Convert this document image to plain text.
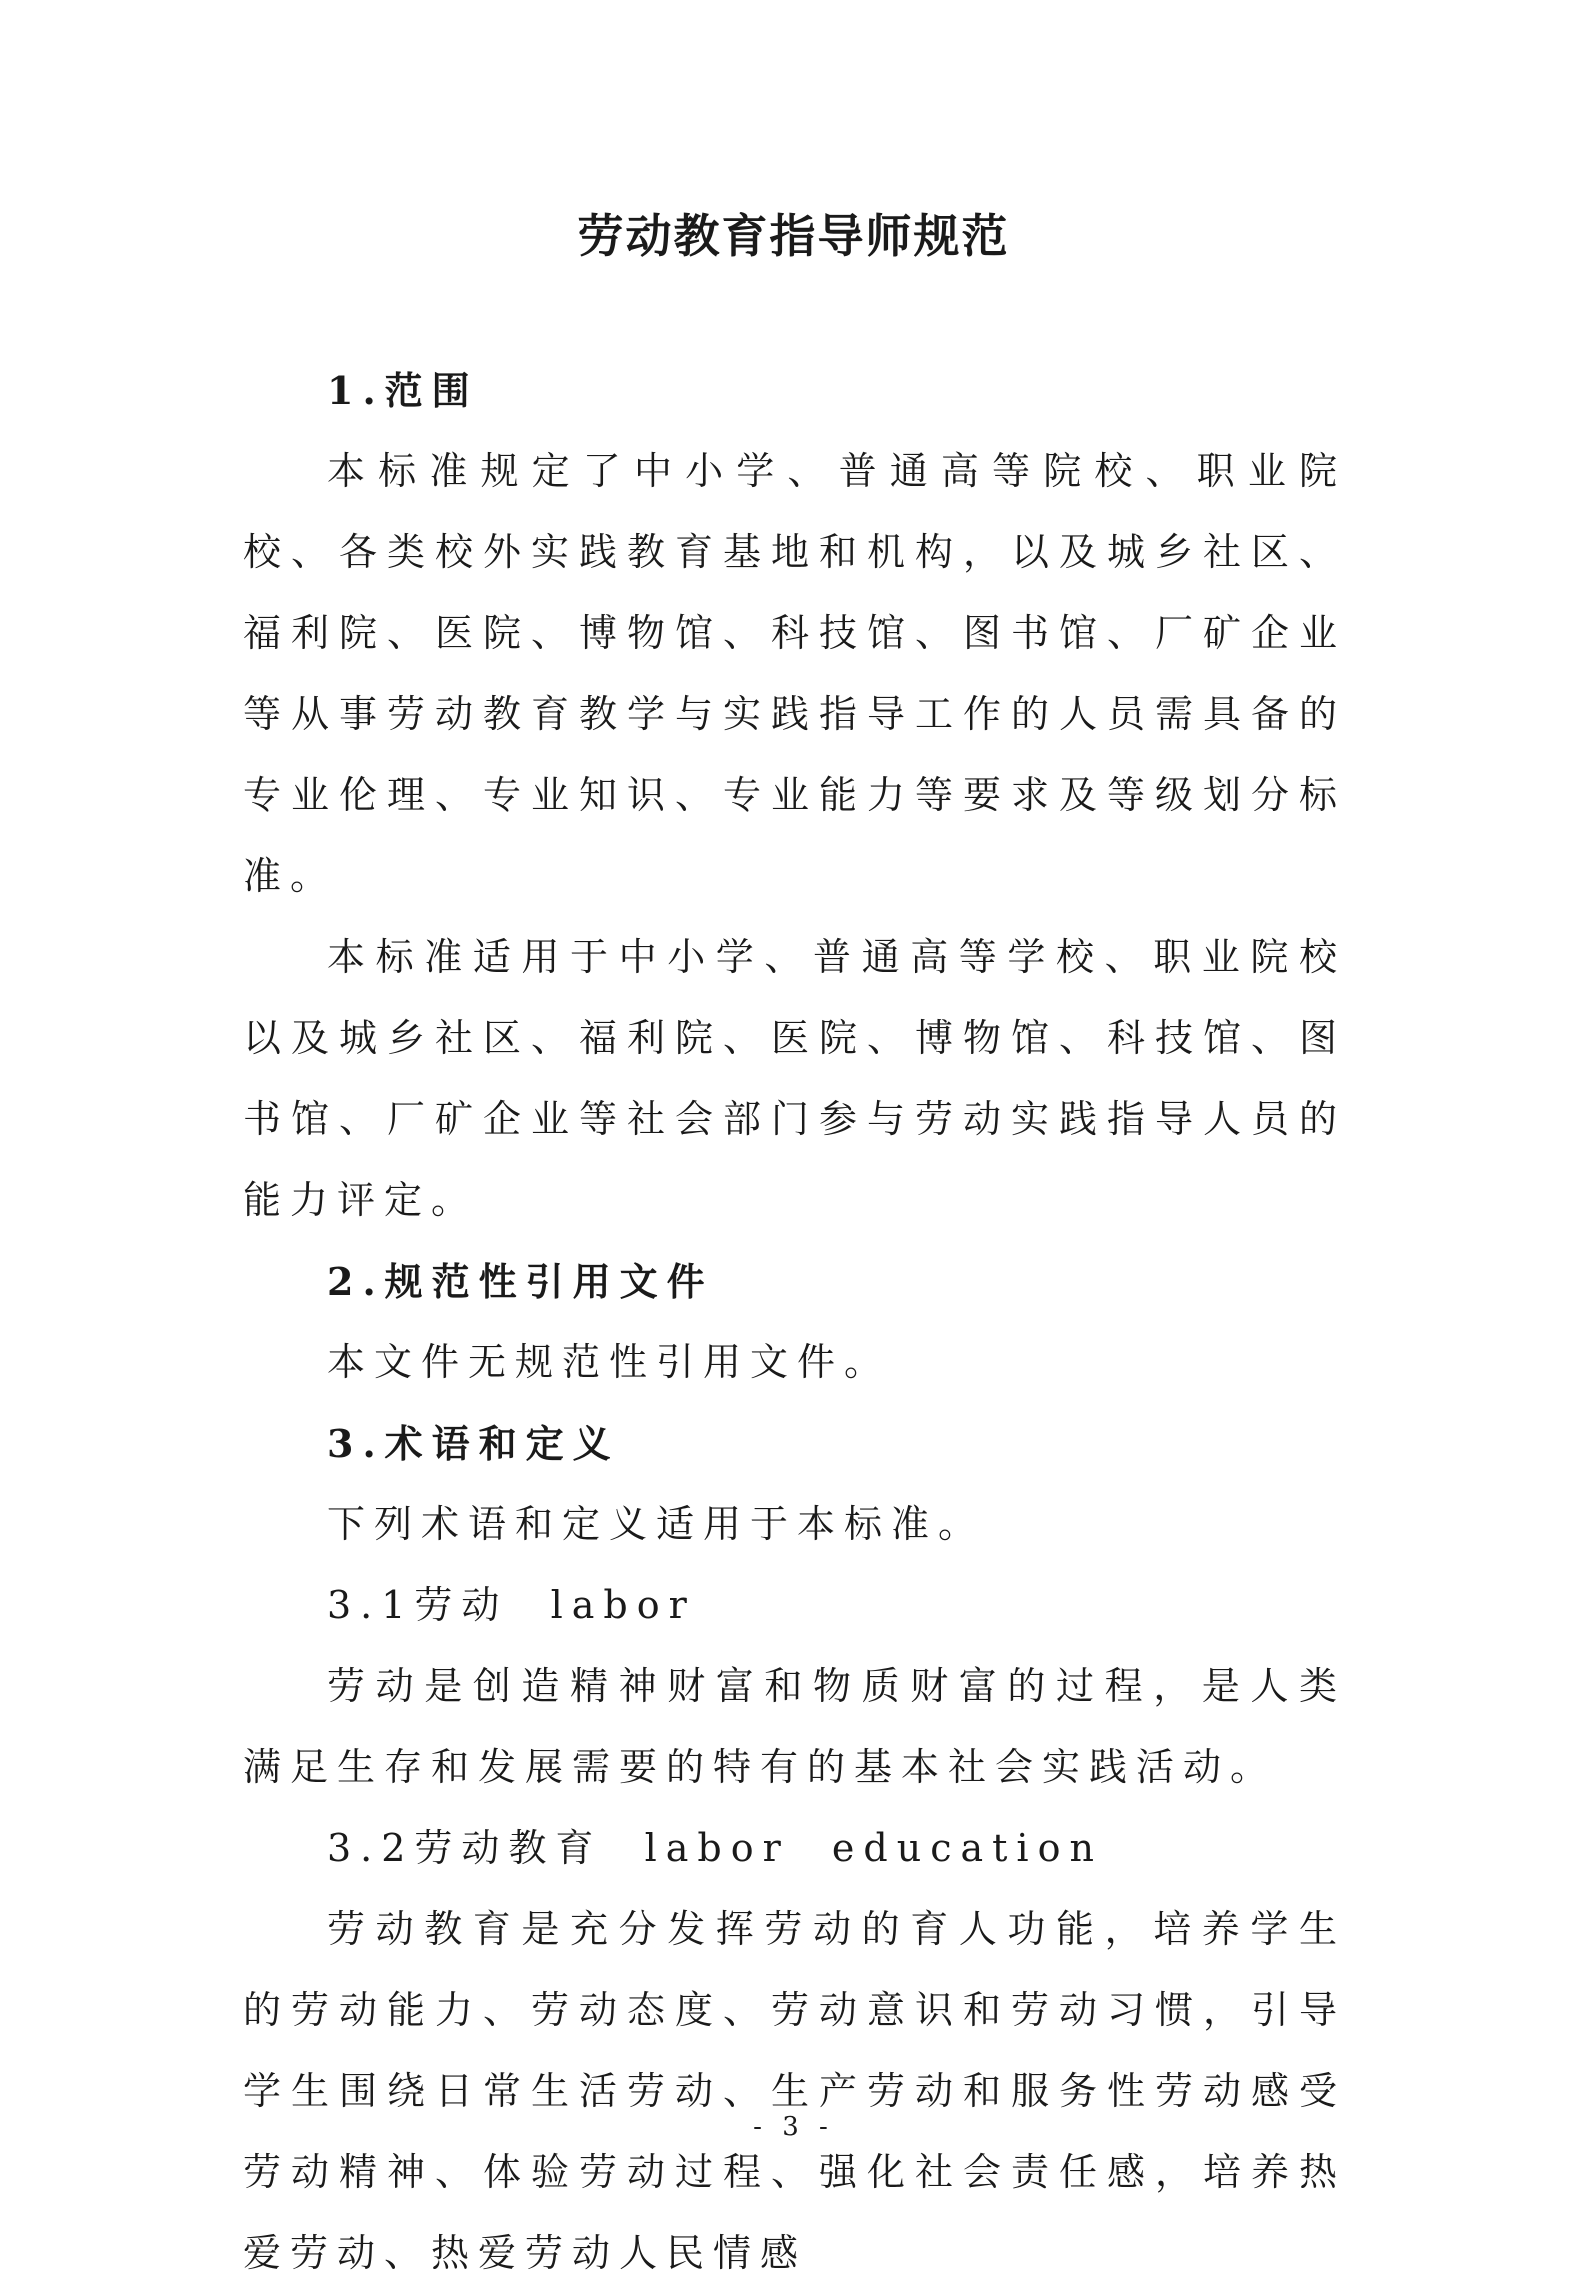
劳动教育指导师规范

1.范围

本标准规定了中小学、普通高等院校、职业院校、各类校外实践教育基地和机构，以及城乡社区、福利院、医院、博物馆、科技馆、图书馆、厂矿企业等从事劳动教育教学与实践指导工作的人员需具备的专业伦理、专业知识、专业能力等要求及等级划分标准。

本标准适用于中小学、普通高等学校、职业院校以及城乡社区、福利院、医院、博物馆、科技馆、图书馆、厂矿企业等社会部门参与劳动实践指导人员的能力评定。

2.规范性引用文件

本文件无规范性引用文件。

3.术语和定义

下列术语和定义适用于本标准。

3.1劳动  labor

劳动是创造精神财富和物质财富的过程，是人类满足生存和发展需要的特有的基本社会实践活动。

3.2劳动教育  labor  education

劳动教育是充分发挥劳动的育人功能，培养学生的劳动能力、劳动态度、劳动意识和劳动习惯，引导学生围绕日常生活劳动、生产劳动和服务性劳动感受劳动精神、体验劳动过程、强化社会责任感，培养热爱劳动、热爱劳动人民情感

- 3 -
